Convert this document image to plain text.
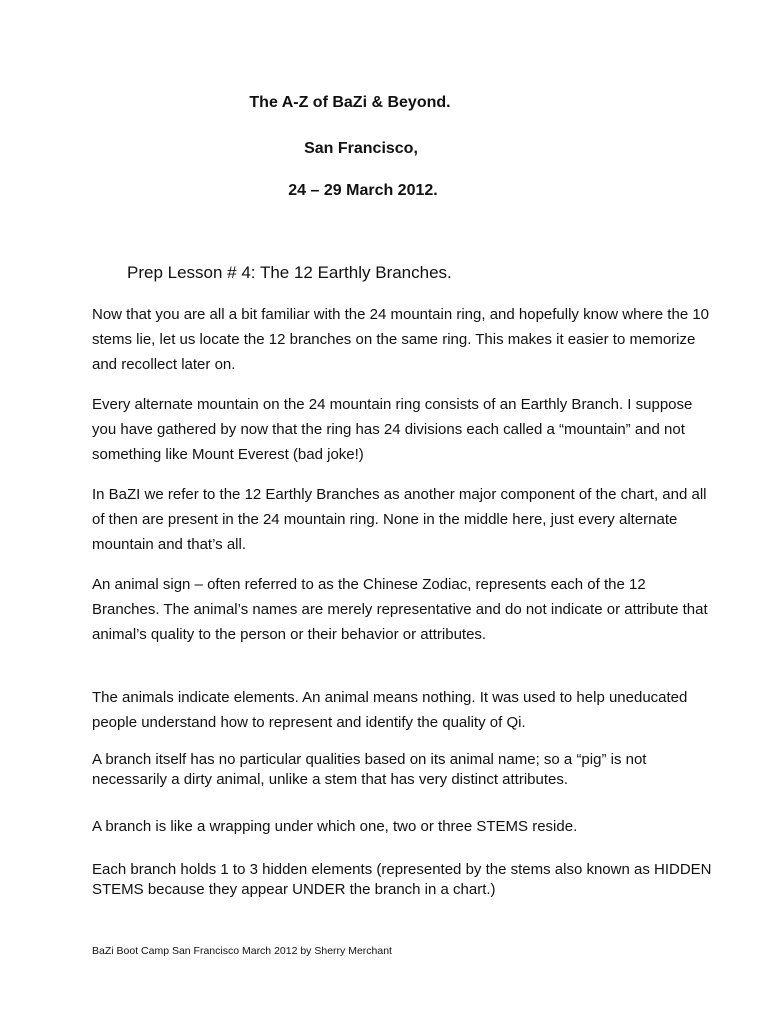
The A-Z of BaZi & Beyond.

San Francisco,

24 – 29 March 2012.

Prep Lesson # 4: The 12 Earthly Branches.

Now that you are all a bit familiar with the 24 mountain ring, and hopefully know where the 10 stems lie, let us locate the 12 branches on the same ring. This makes it easier to memorize and recollect later on.

Every alternate mountain on the 24 mountain ring consists of an Earthly Branch. I suppose you have gathered by now that the ring has 24 divisions each called a “mountain” and not something like Mount Everest (bad joke!)

In BaZI we refer to the 12 Earthly Branches as another major component of the chart, and all of then are present in the 24 mountain ring. None in the middle here, just every alternate mountain and that’s all.

An animal sign – often referred to as the Chinese Zodiac, represents each of the 12 Branches. The animal’s names are merely representative and do not indicate or attribute that animal’s quality to the person or their behavior or attributes.

The animals indicate elements. An animal means nothing. It was used to help uneducated people understand how to represent and identify the quality of Qi.

A branch itself has no particular qualities based on its animal name; so a “pig” is not necessarily a dirty animal, unlike a stem that has very distinct attributes.

A branch is like a wrapping under which one, two or three STEMS reside.

Each branch holds 1 to 3 hidden elements (represented by the stems also known as HIDDEN STEMS because they appear UNDER the branch in a chart.)

BaZi Boot Camp San Francisco March 2012 by Sherry Merchant
